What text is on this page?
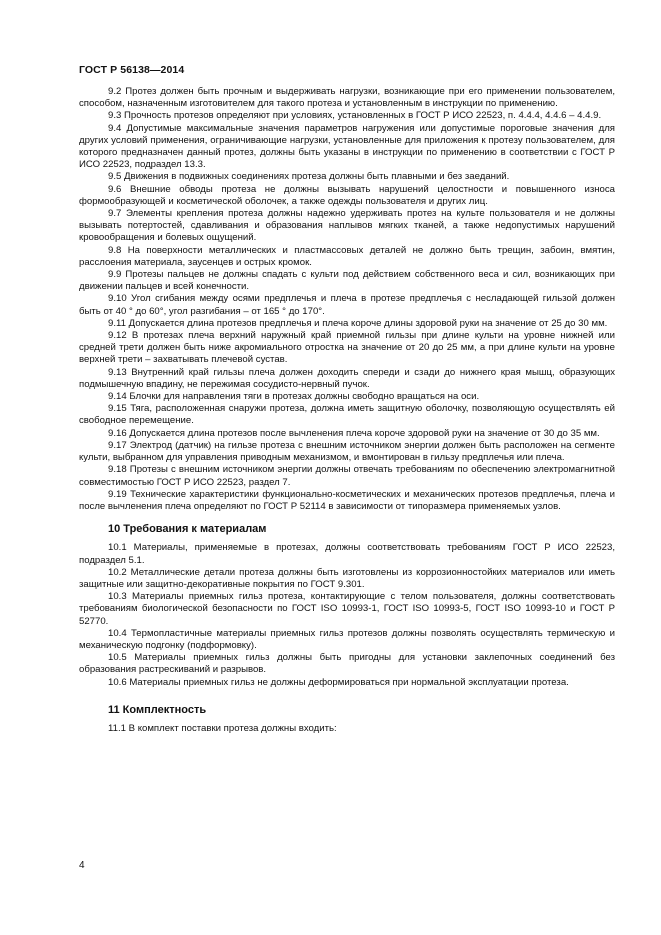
ГОСТ Р 56138—2014

9.2 Протез должен быть прочным и выдерживать нагрузки, возникающие при его применении пользователем, способом, назначенным изготовителем для такого протеза и установленным в инструкции по применению.

9.3 Прочность протезов определяют при условиях, установленных в ГОСТ Р ИСО 22523, п. 4.4.4, 4.4.6 – 4.4.9.

9.4 Допустимые максимальные значения параметров нагружения или допустимые пороговые значения для других условий применения, ограничивающие нагрузки, установленные для приложения к протезу пользователем, для которого предназначен данный протез, должны быть указаны в инструкции по применению в соответствии с ГОСТ Р ИСО 22523, подраздел 13.3.

9.5 Движения в подвижных соединениях протеза должны быть плавными и без заеданий.

9.6 Внешние обводы протеза не должны вызывать нарушений целостности и повышенного износа формообразующей и косметической оболочек, а также одежды пользователя и других лиц.

9.7 Элементы крепления протеза должны надежно удерживать протез на культе пользователя и не должны вызывать потертостей, сдавливания и образования наплывов мягких тканей, а также недопустимых нарушений кровообращения и болевых ощущений.

9.8 На поверхности металлических и пластмассовых деталей не должно быть трещин, забоин, вмятин, расслоения материала, заусенцев и острых кромок.

9.9 Протезы пальцев не должны спадать с культи под действием собственного веса и сил, возникающих при движении пальцев и всей конечности.

9.10 Угол сгибания между осями предплечья и плеча в протезе предплечья с несладающей гильзой должен быть от 40 ° до 60°, угол разгибания – от 165 ° до 170°.

9.11 Допускается длина протезов предплечья и плеча короче длины здоровой руки на значение от 25 до 30 мм.

9.12 В протезах плеча верхний наружный край приемной гильзы при длине культи на уровне нижней или средней трети должен быть ниже акромиального отростка на значение от 20 до 25 мм, а при длине культи на уровне верхней трети – захватывать плечевой сустав.

9.13 Внутренний край гильзы плеча должен доходить спереди и сзади до нижнего края мышц, образующих подмышечную впадину, не пережимая сосудисто-нервный пучок.

9.14 Блочки для направления тяги в протезах должны свободно вращаться на оси.

9.15 Тяга, расположенная снаружи протеза, должна иметь защитную оболочку, позволяющую осуществлять ей свободное перемещение.

9.16 Допускается длина протезов после вычленения плеча короче здоровой руки на значение от 30 до 35 мм.

9.17 Электрод (датчик) на гильзе протеза с внешним источником энергии должен быть расположен на сегменте культи, выбранном для управления приводным механизмом, и вмонтирован в гильзу предплечья или плеча.

9.18 Протезы с внешним источником энергии должны отвечать требованиям по обеспечению электромагнитной совместимостью ГОСТ Р ИСО 22523, раздел 7.

9.19 Технические характеристики функционально-косметических и механических протезов предплечья, плеча и после вычленения плеча определяют по ГОСТ Р 52114 в зависимости от типоразмера применяемых узлов.

10 Требования к материалам

10.1 Материалы, применяемые в протезах, должны соответствовать требованиям ГОСТ Р ИСО 22523, подраздел 5.1.

10.2 Металлические детали протеза должны быть изготовлены из коррозионностойких материалов или иметь защитные или защитно-декоративные покрытия по ГОСТ 9.301.

10.3 Материалы приемных гильз протеза, контактирующие с телом пользователя, должны соответствовать требованиям биологической безопасности по ГОСТ ISO 10993-1, ГОСТ ISO 10993-5, ГОСТ ISO 10993-10 и ГОСТ Р 52770.

10.4 Термопластичные материалы приемных гильз протезов должны позволять осуществлять термическую и механическую подгонку (подформовку).

10.5 Материалы приемных гильз должны быть пригодны для установки заклепочных соединений без образования растрескиваний и разрывов.

10.6 Материалы приемных гильз не должны деформироваться при нормальной эксплуатации протеза.

11 Комплектность

11.1 В комплект поставки протеза должны входить:

4
